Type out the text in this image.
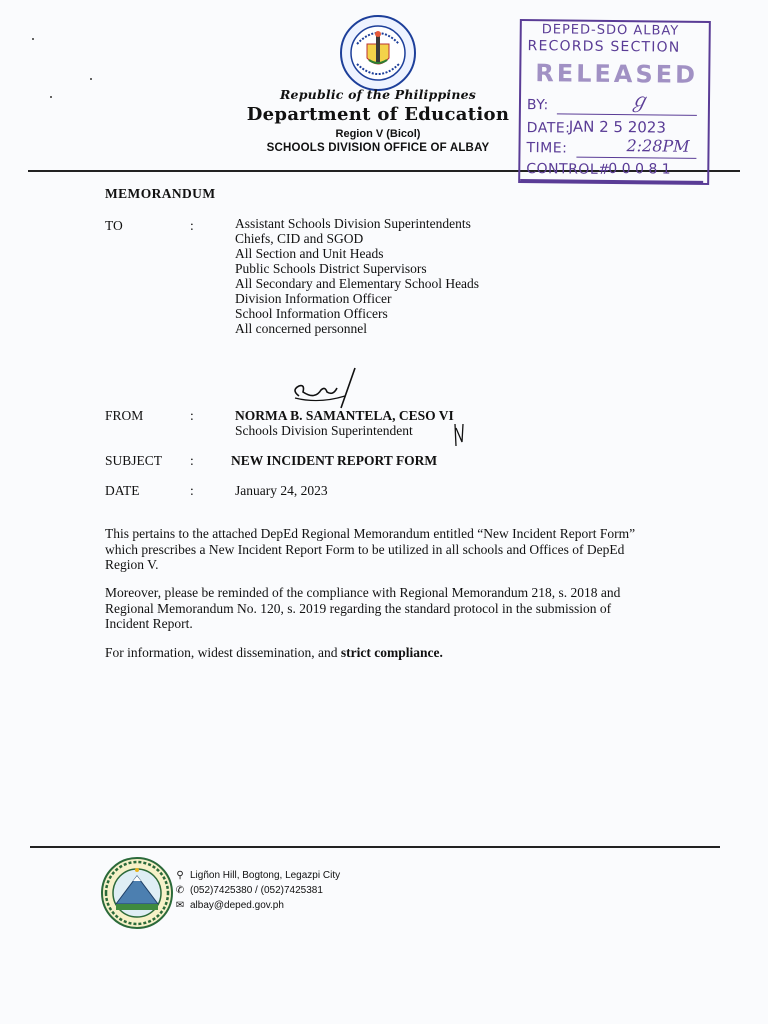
Republic of the Philippines
Department of Education
Region V (Bicol)
SCHOOLS DIVISION OFFICE OF ALBAY
DEPED-SDO ALBAY
RECORDS SECTION
RELEASED
BY:	ℊ
DATE:
JAN 2 5 2023
TIME:	2:28PM
CONTROL#
0 0 0 8 1
MEMORANDUM
TO	:	Assistant Schools Division Superintendents
Chiefs, CID and SGOD
All Section and Unit Heads
Public Schools District Supervisors
All Secondary and Elementary School Heads
Division Information Officer
School Information Officers
All concerned personnel
FROM	:	NORMA B. SAMANTELA, CESO VI
Schools Division Superintendent
SUBJECT :	NEW INCIDENT REPORT FORM
DATE	:	January 24, 2023
This pertains to the attached DepEd Regional Memorandum entitled “New Incident Report Form” which prescribes a New Incident Report Form to be utilized in all schools and Offices of DepEd Region V.
Moreover, please be reminded of the compliance with Regional Memorandum 218, s. 2018 and Regional Memorandum No. 120, s. 2019 regarding the standard protocol in the submission of Incident Report.
For information, widest dissemination, and strict compliance.
⚲ Ligñon Hill, Bogtong, Legazpi City
✆ (052)7425380 / (052)7425381
✉ albay@deped.gov.ph
